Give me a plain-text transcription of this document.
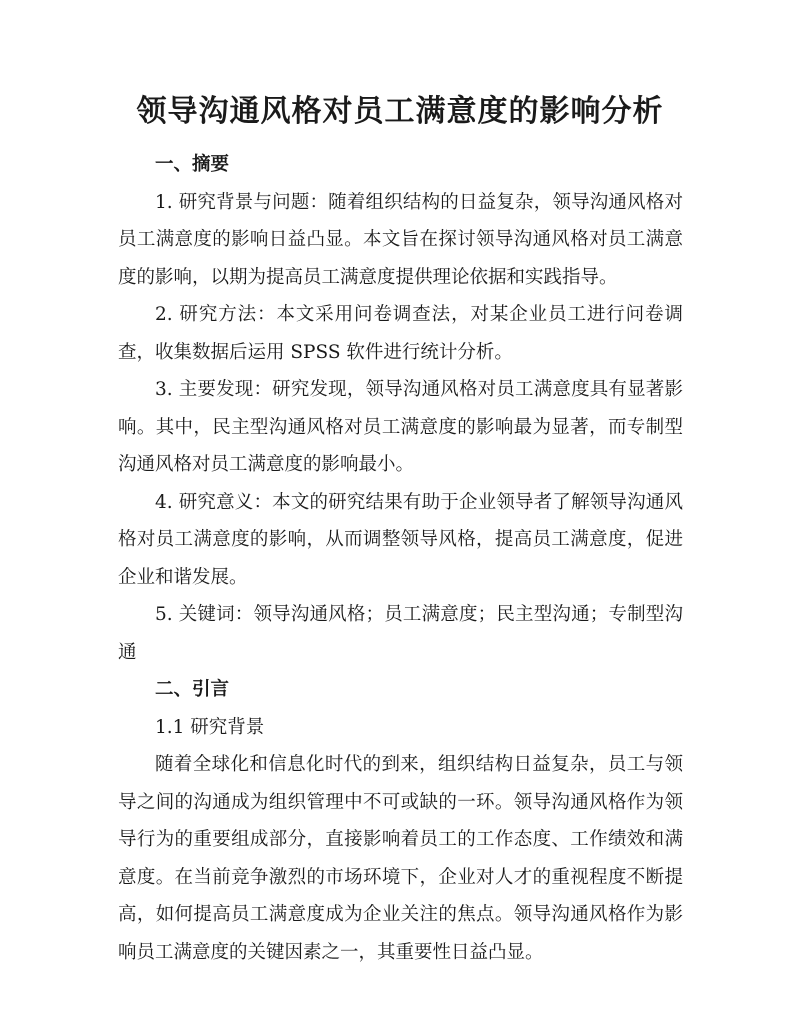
领导沟通风格对员工满意度的影响分析

一、摘要

1. 研究背景与问题：随着组织结构的日益复杂，领导沟通风格对员工满意度的影响日益凸显。本文旨在探讨领导沟通风格对员工满意度的影响，以期为提高员工满意度提供理论依据和实践指导。

2. 研究方法：本文采用问卷调查法，对某企业员工进行问卷调查，收集数据后运用 SPSS 软件进行统计分析。

3. 主要发现：研究发现，领导沟通风格对员工满意度具有显著影响。其中，民主型沟通风格对员工满意度的影响最为显著，而专制型沟通风格对员工满意度的影响最小。

4. 研究意义：本文的研究结果有助于企业领导者了解领导沟通风格对员工满意度的影响，从而调整领导风格，提高员工满意度，促进企业和谐发展。

5. 关键词：领导沟通风格；员工满意度；民主型沟通；专制型沟通

二、引言

1.1 研究背景

随着全球化和信息化时代的到来，组织结构日益复杂，员工与领导之间的沟通成为组织管理中不可或缺的一环。领导沟通风格作为领导行为的重要组成部分，直接影响着员工的工作态度、工作绩效和满意度。在当前竞争激烈的市场环境下，企业对人才的重视程度不断提高，如何提高员工满意度成为企业关注的焦点。领导沟通风格作为影响员工满意度的关键因素之一，其重要性日益凸显。
